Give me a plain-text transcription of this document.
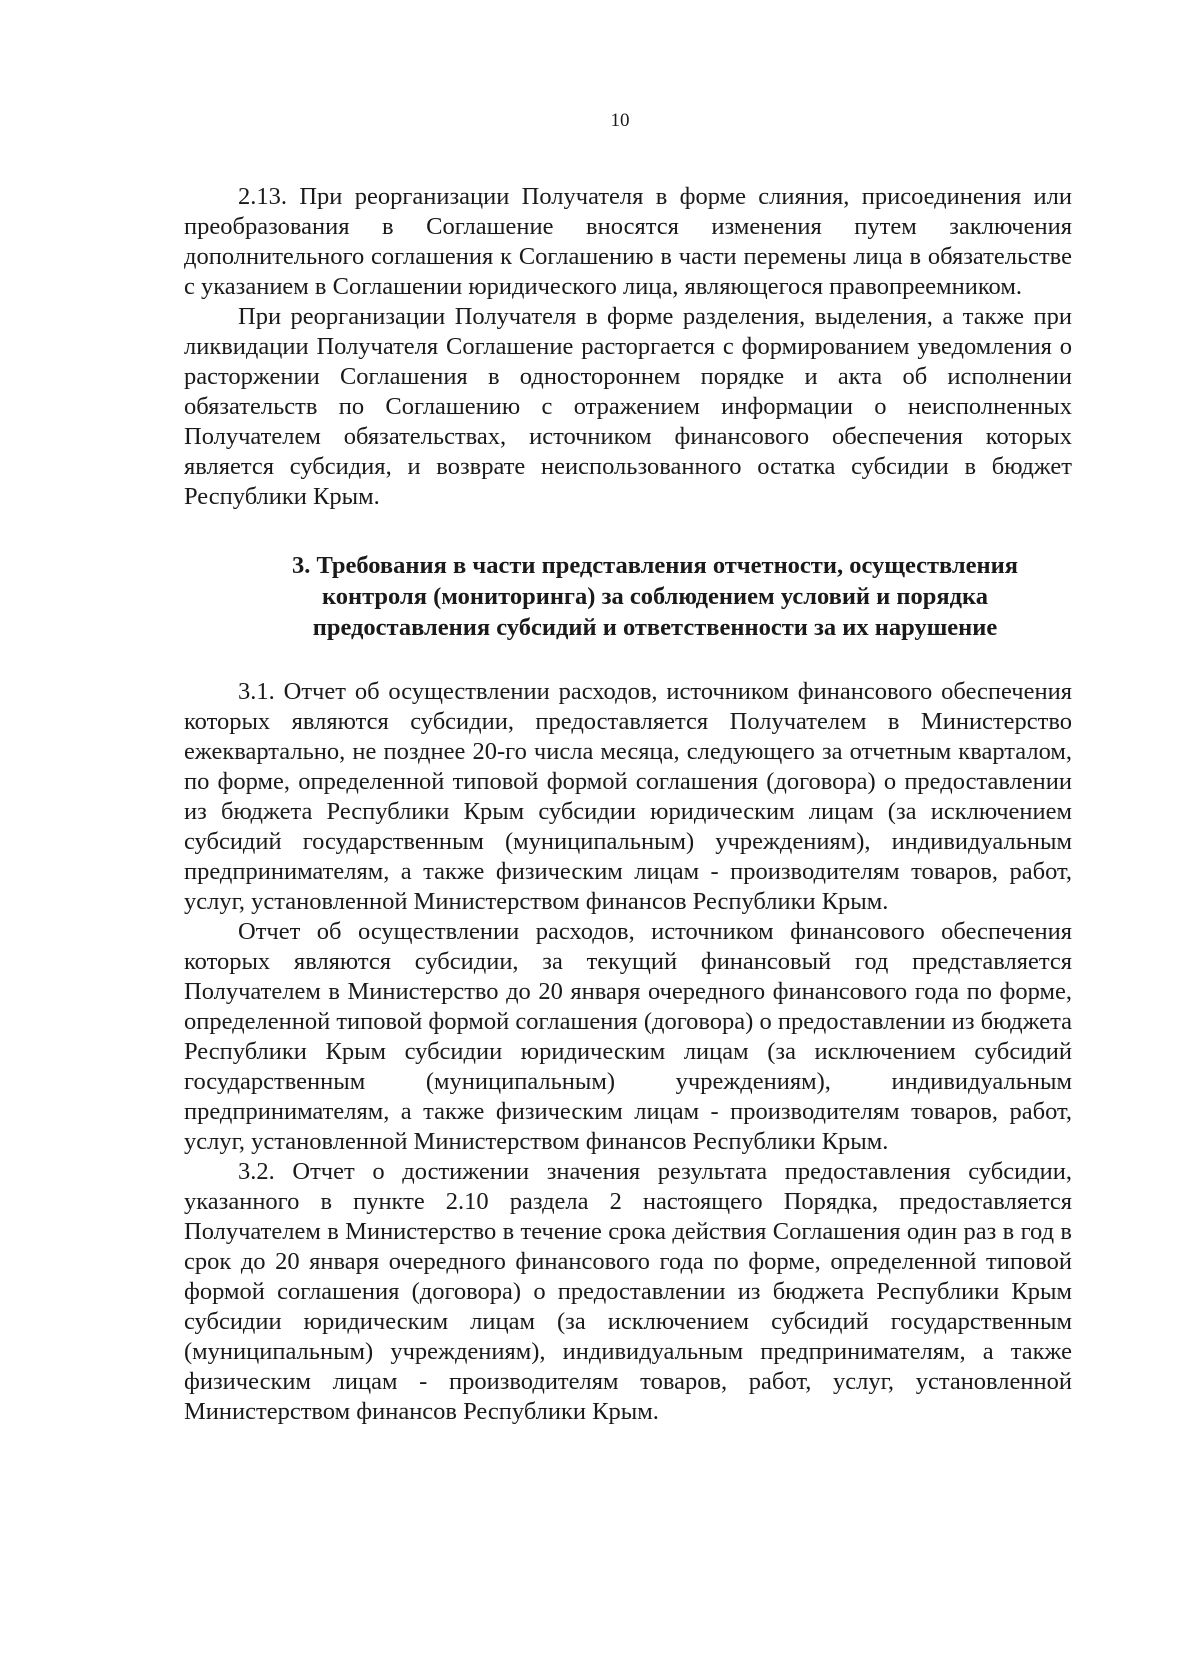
10

2.13. При реорганизации Получателя в форме слияния, присоединения или преобразования в Соглашение вносятся изменения путем заключения дополнительного соглашения к Соглашению в части перемены лица в обязательстве с указанием в Соглашении юридического лица, являющегося правопреемником.

При реорганизации Получателя в форме разделения, выделения, а также при ликвидации Получателя Соглашение расторгается с формированием уведомления о расторжении Соглашения в одностороннем порядке и акта об исполнении обязательств по Соглашению с отражением информации о неисполненных Получателем обязательствах, источником финансового обеспечения которых является субсидия, и возврате неиспользованного остатка субсидии в бюджет Республики Крым.

3. Требования в части представления отчетности, осуществления контроля (мониторинга) за соблюдением условий и порядка предоставления субсидий и ответственности за их нарушение

3.1. Отчет об осуществлении расходов, источником финансового обеспечения которых являются субсидии, предоставляется Получателем в Министерство ежеквартально, не позднее 20-го числа месяца, следующего за отчетным кварталом, по форме, определенной типовой формой соглашения (договора) о предоставлении из бюджета Республики Крым субсидии юридическим лицам (за исключением субсидий государственным (муниципальным) учреждениям), индивидуальным предпринимателям, а также физическим лицам - производителям товаров, работ, услуг, установленной Министерством финансов Республики Крым.

Отчет об осуществлении расходов, источником финансового обеспечения которых являются субсидии, за текущий финансовый год представляется Получателем в Министерство до 20 января очередного финансового года по форме, определенной типовой формой соглашения (договора) о предоставлении из бюджета Республики Крым субсидии юридическим лицам (за исключением субсидий государственным (муниципальным) учреждениям), индивидуальным предпринимателям, а также физическим лицам - производителям товаров, работ, услуг, установленной Министерством финансов Республики Крым.

3.2. Отчет о достижении значения результата предоставления субсидии, указанного в пункте 2.10 раздела 2 настоящего Порядка, предоставляется Получателем в Министерство в течение срока действия Соглашения один раз в год в срок до 20 января очередного финансового года по форме, определенной типовой формой соглашения (договора) о предоставлении из бюджета Республики Крым субсидии юридическим лицам (за исключением субсидий государственным (муниципальным) учреждениям), индивидуальным предпринимателям, а также физическим лицам - производителям товаров, работ, услуг, установленной Министерством финансов Республики Крым.
